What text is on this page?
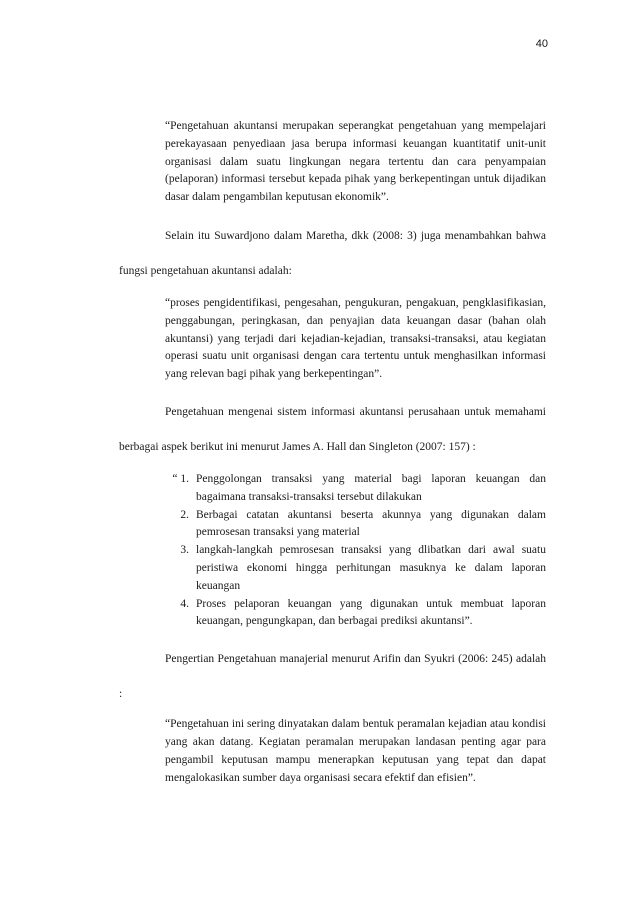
40
“Pengetahuan akuntansi merupakan seperangkat pengetahuan yang mempelajari perekayasaan penyediaan jasa berupa informasi keuangan kuantitatif unit-unit organisasi dalam suatu lingkungan negara tertentu dan cara penyampaian (pelaporan) informasi tersebut kepada pihak yang berkepentingan untuk dijadikan dasar dalam pengambilan keputusan ekonomik”.

Selain itu Suwardjono dalam Maretha, dkk (2008: 3) juga menambahkan bahwa fungsi pengetahuan akuntansi adalah:

“proses pengidentifikasi, pengesahan, pengukuran, pengakuan, pengklasifikasian, penggabungan, peringkasan, dan penyajian data keuangan dasar (bahan olah akuntansi) yang terjadi dari kejadian-kejadian, transaksi-transaksi, atau kegiatan operasi suatu unit organisasi dengan cara tertentu untuk menghasilkan informasi yang relevan bagi pihak yang berkepentingan”.

Pengetahuan mengenai sistem informasi akuntansi perusahaan untuk memahami berbagai aspek berikut ini menurut James A. Hall dan Singleton (2007: 157) :

“ 1. Penggolongan transaksi yang material bagi laporan keuangan dan bagaimana transaksi-transaksi tersebut dilakukan
2. Berbagai catatan akuntansi beserta akunnya yang digunakan dalam pemrosesan transaksi yang material
3. langkah-langkah pemrosesan transaksi yang dlibatkan dari awal suatu peristiwa ekonomi hingga perhitungan masuknya ke dalam laporan keuangan
4. Proses pelaporan keuangan yang digunakan untuk membuat laporan keuangan, pengungkapan, dan berbagai prediksi akuntansi”.

Pengertian Pengetahuan manajerial menurut Arifin dan Syukri (2006: 245) adalah :

“Pengetahuan ini sering dinyatakan dalam bentuk peramalan kejadian atau kondisi yang akan datang. Kegiatan peramalan merupakan landasan penting agar para pengambil keputusan mampu menerapkan keputusan yang tepat dan dapat mengalokasikan sumber daya organisasi secara efektif dan efisien”.
